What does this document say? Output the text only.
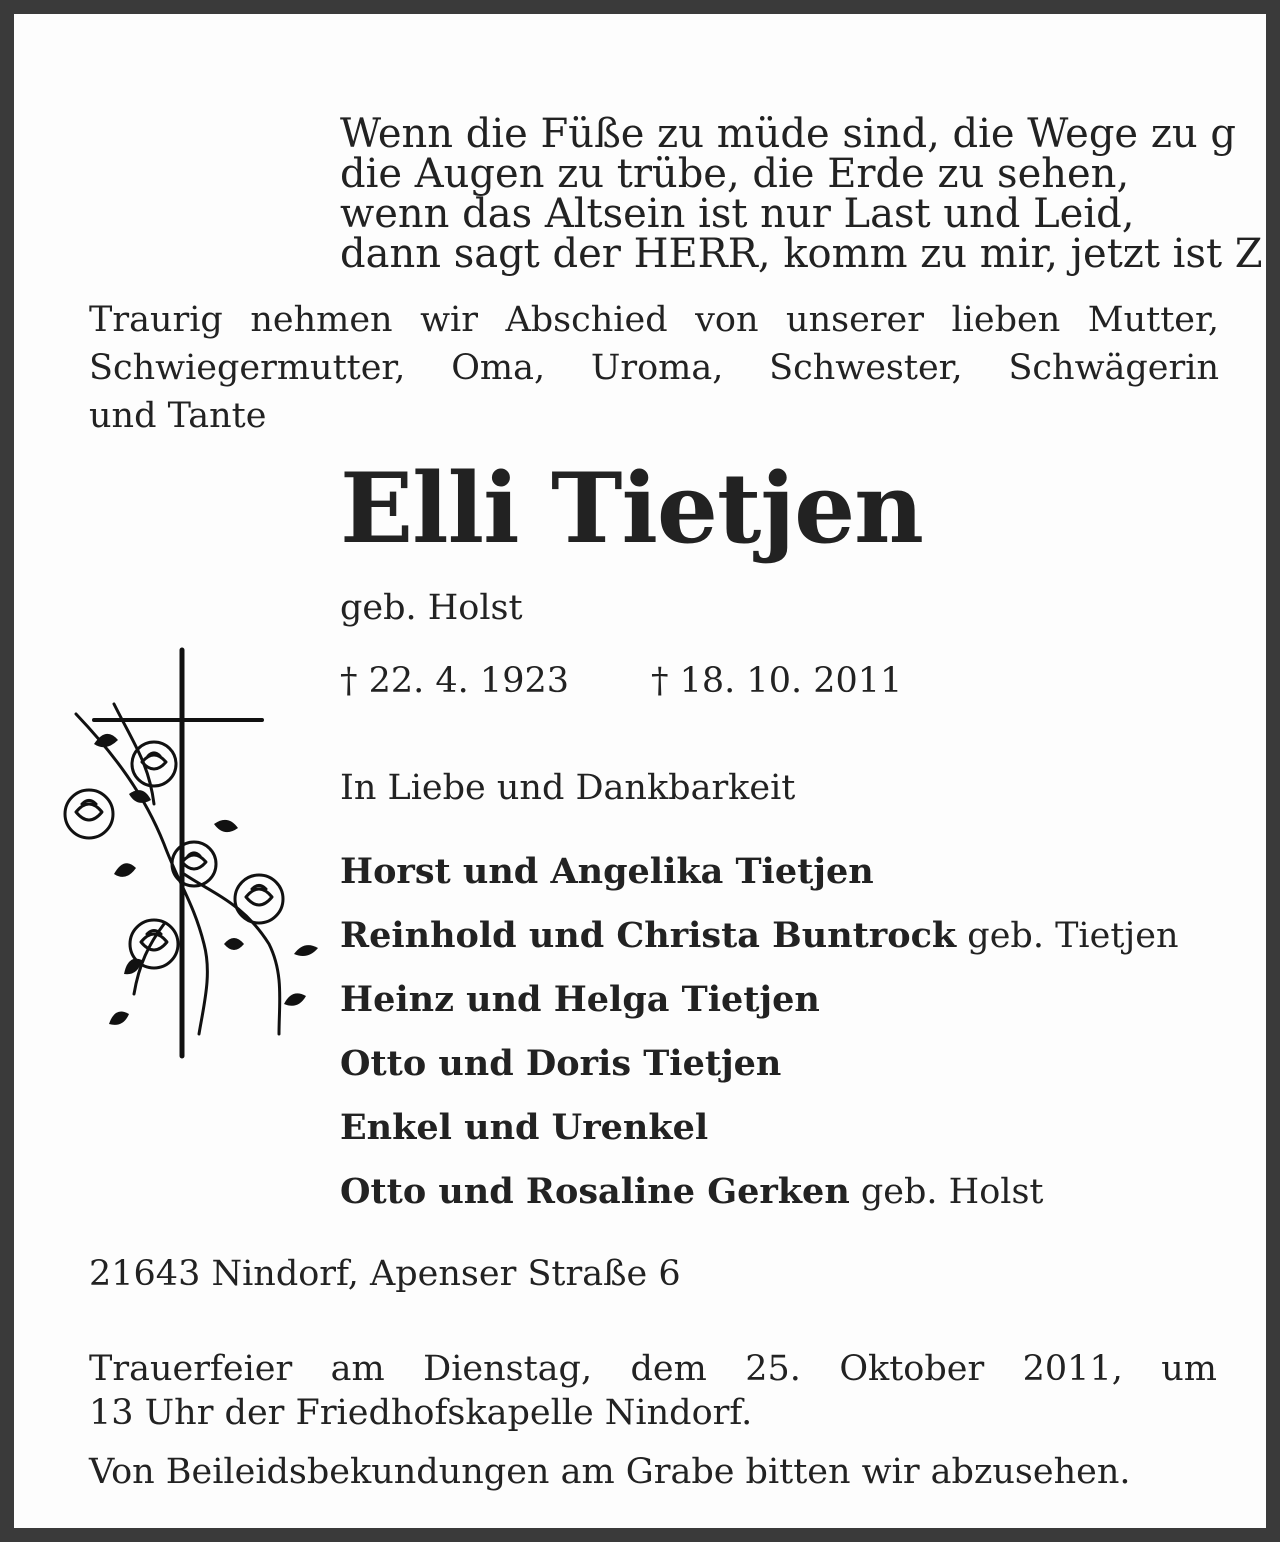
Wenn die Füße zu müde sind, die Wege zu g
die Augen zu trübe, die Erde zu sehen,
wenn das Altsein ist nur Last und Leid,
dann sagt der HERR, komm zu mir, jetzt ist Z
Traurig nehmen wir Abschied von unserer lieben Mutter,
Schwiegermutter, Oma, Uroma, Schwester, Schwägerin
und Tante
Elli Tietjen
geb. Holst
† 22. 4. 1923 † 18. 10. 2011
In Liebe und Dankbarkeit
Horst und Angelika Tietjen
Reinhold und Christa Buntrock geb. Tietjen
Heinz und Helga Tietjen
Otto und Doris Tietjen
Enkel und Urenkel
Otto und Rosaline Gerken geb. Holst
21643 Nindorf, Apenser Straße 6
Trauerfeier am Dienstag, dem 25. Oktober 2011, um
13 Uhr der Friedhofskapelle Nindorf.
Von Beileidsbekundungen am Grabe bitten wir abzusehen.
